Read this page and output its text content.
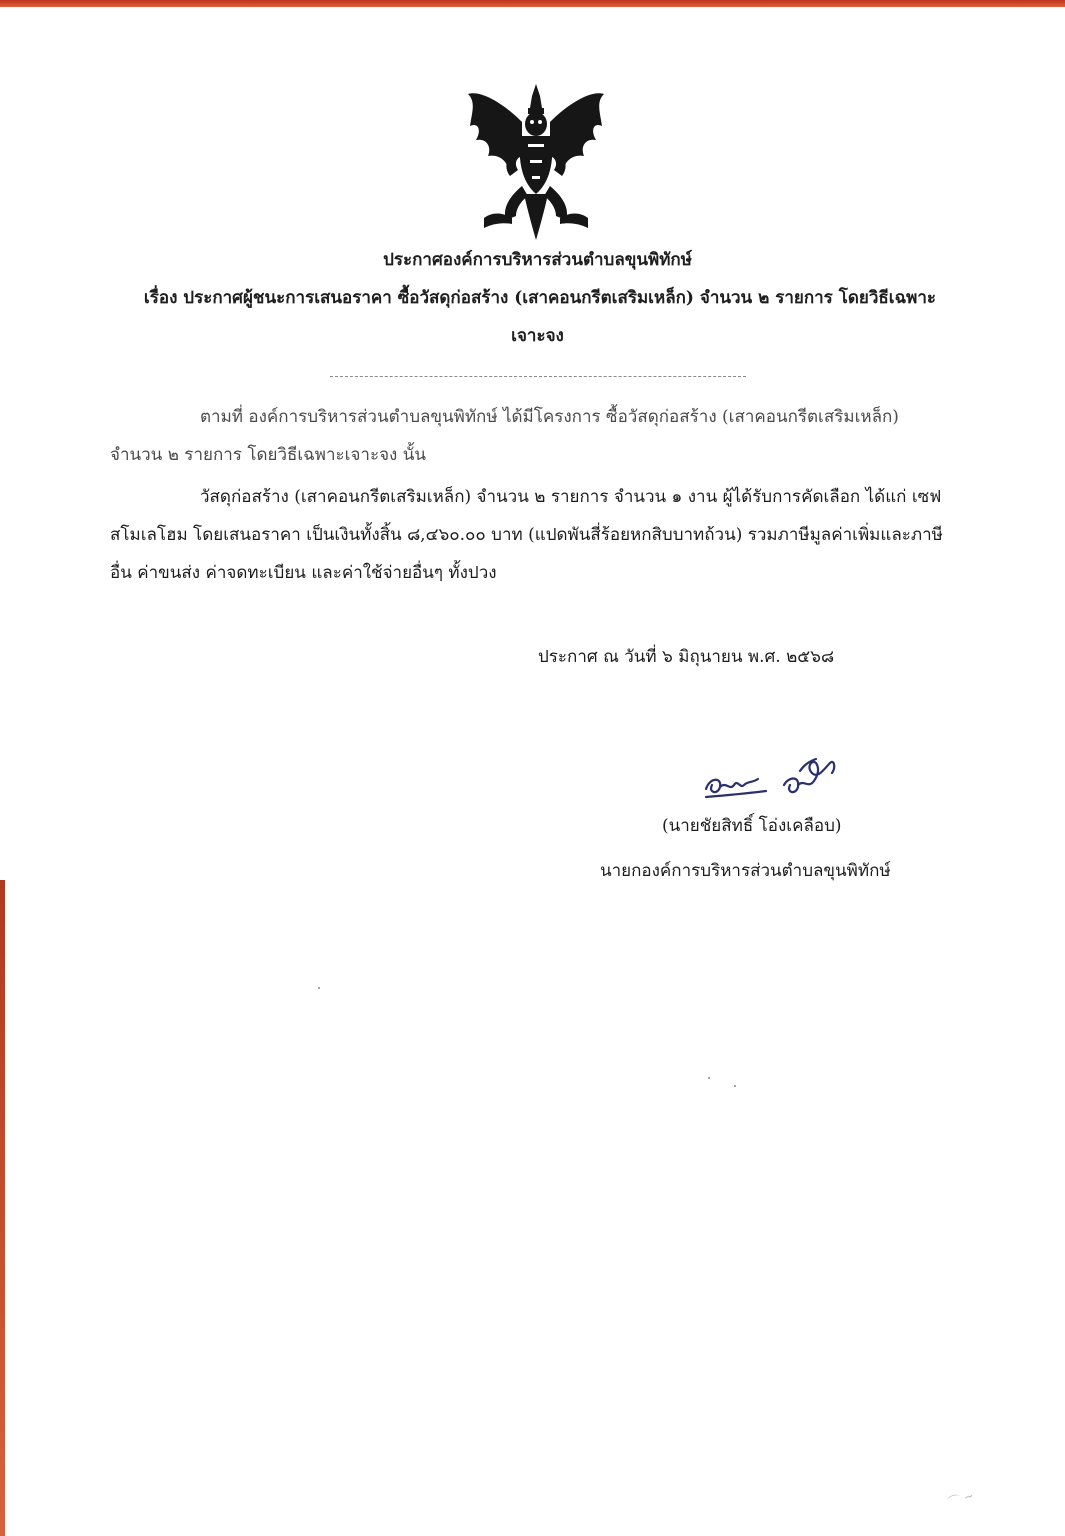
ประกาศองค์การบริหารส่วนตำบลขุนพิทักษ์
เรื่อง ประกาศผู้ชนะการเสนอราคา ซื้อวัสดุก่อสร้าง (เสาคอนกรีตเสริมเหล็ก) จำนวน ๒ รายการ โดยวิธีเฉพาะ
เจาะจง
ตามที่ องค์การบริหารส่วนตำบลขุนพิทักษ์ ได้มีโครงการ ซื้อวัสดุก่อสร้าง (เสาคอนกรีตเสริมเหล็ก)
จำนวน ๒ รายการ โดยวิธีเฉพาะเจาะจง นั้น
วัสดุก่อสร้าง (เสาคอนกรีตเสริมเหล็ก) จำนวน ๒ รายการ จำนวน ๑ งาน ผู้ได้รับการคัดเลือก ได้แก่ เซฟ
สโมเลโฮม โดยเสนอราคา เป็นเงินทั้งสิ้น ๘,๔๖๐.๐๐ บาท (แปดพันสี่ร้อยหกสิบบาทถ้วน) รวมภาษีมูลค่าเพิ่มและภาษี
อื่น ค่าขนส่ง ค่าจดทะเบียน และค่าใช้จ่ายอื่นๆ ทั้งปวง
ประกาศ ณ วันที่ ๖ มิถุนายน พ.ศ. ๒๕๖๘
(นายชัยสิทธิ์ โอ่งเคลือบ)
นายกองค์การบริหารส่วนตำบลขุนพิทักษ์
⌒ ∼
